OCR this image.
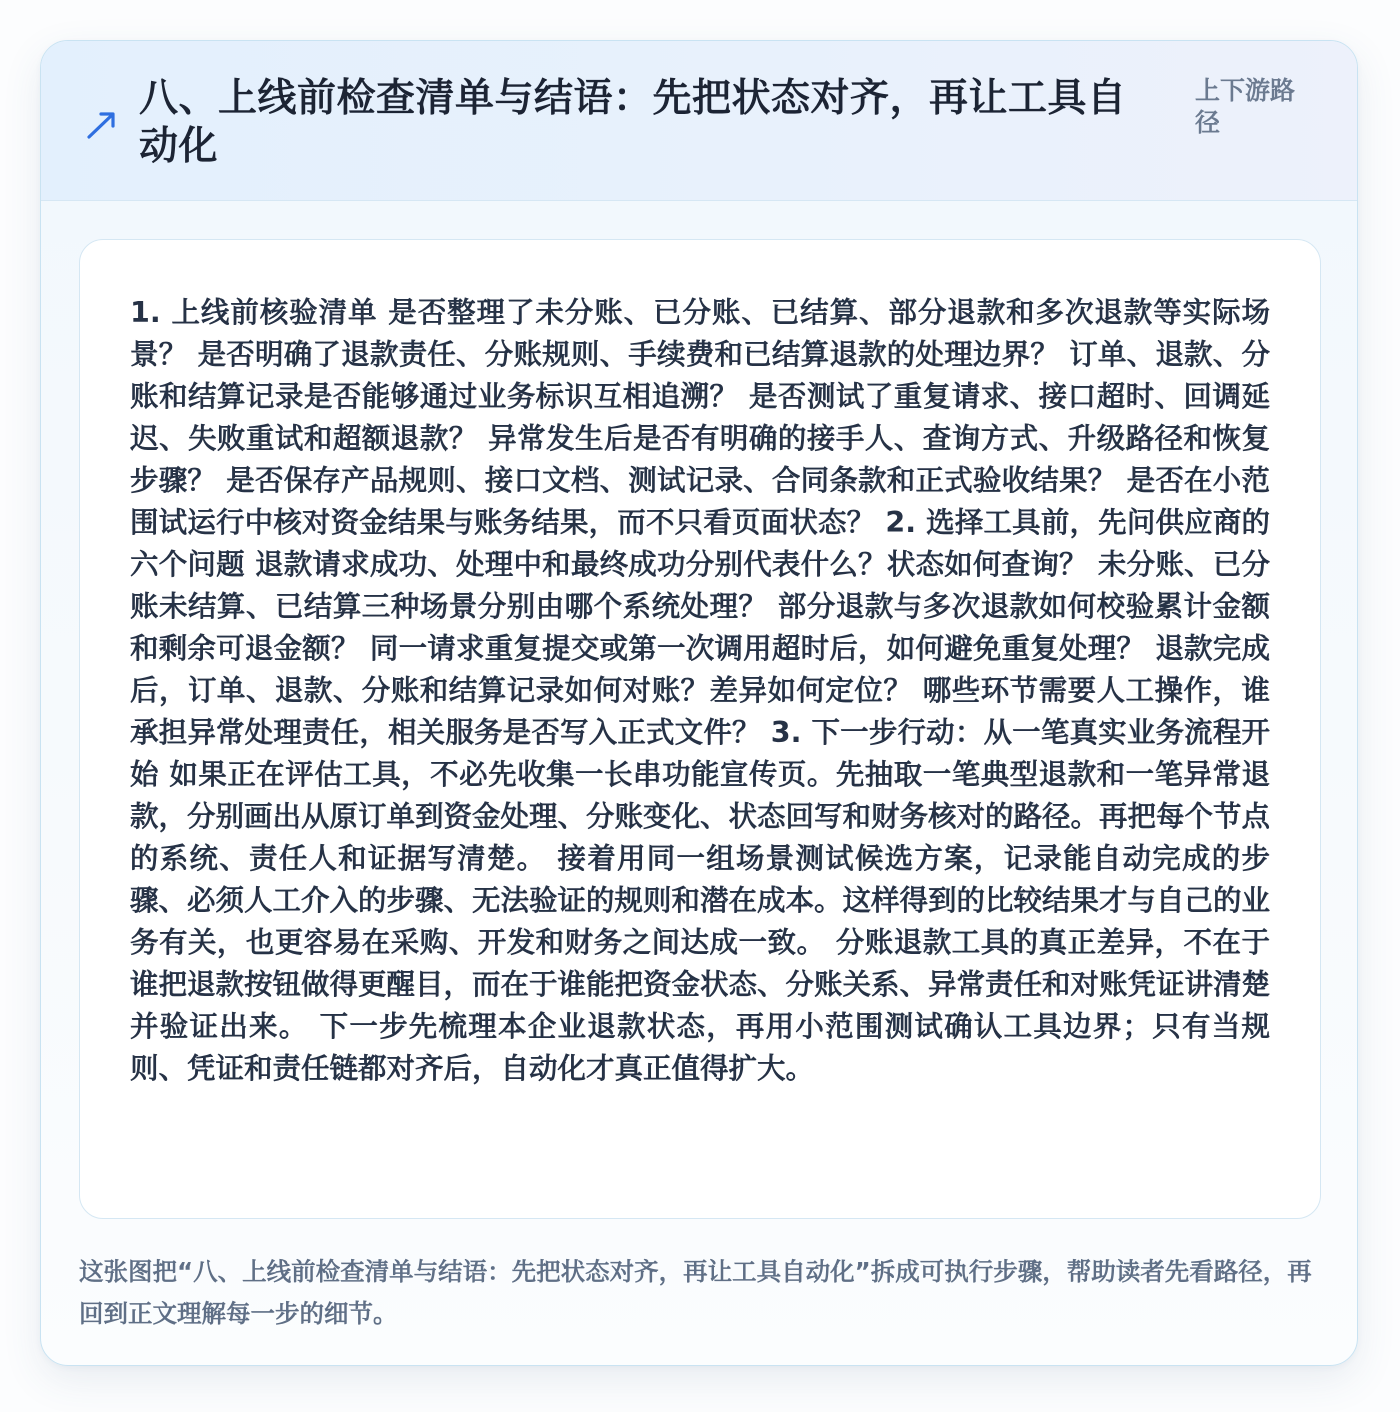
八、上线前检查清单与结语：先把状态对齐，再让工具自动化
上下游路径

1. 上线前核验清单 是否整理了未分账、已分账、已结算、部分退款和多次退款等实际场景？ 是否明确了退款责任、分账规则、手续费和已结算退款的处理边界？ 订单、退款、分账和结算记录是否能够通过业务标识互相追溯？ 是否测试了重复请求、接口超时、回调延迟、失败重试和超额退款？ 异常发生后是否有明确的接手人、查询方式、升级路径和恢复步骤？ 是否保存产品规则、接口文档、测试记录、合同条款和正式验收结果？ 是否在小范围试运行中核对资金结果与账务结果，而不只看页面状态？ 2. 选择工具前，先问供应商的六个问题 退款请求成功、处理中和最终成功分别代表什么？状态如何查询？ 未分账、已分账未结算、已结算三种场景分别由哪个系统处理？ 部分退款与多次退款如何校验累计金额和剩余可退金额？ 同一请求重复提交或第一次调用超时后，如何避免重复处理？ 退款完成后，订单、退款、分账和结算记录如何对账？差异如何定位？ 哪些环节需要人工操作，谁承担异常处理责任，相关服务是否写入正式文件？ 3. 下一步行动：从一笔真实业务流程开始 如果正在评估工具，不必先收集一长串功能宣传页。先抽取一笔典型退款和一笔异常退款，分别画出从原订单到资金处理、分账变化、状态回写和财务核对的路径。再把每个节点的系统、责任人和证据写清楚。 接着用同一组场景测试候选方案，记录能自动完成的步骤、必须人工介入的步骤、无法验证的规则和潜在成本。这样得到的比较结果才与自己的业务有关，也更容易在采购、开发和财务之间达成一致。 分账退款工具的真正差异，不在于谁把退款按钮做得更醒目，而在于谁能把资金状态、分账关系、异常责任和对账凭证讲清楚并验证出来。 下一步先梳理本企业退款状态，再用小范围测试确认工具边界；只有当规则、凭证和责任链都对齐后，自动化才真正值得扩大。

这张图把“八、上线前检查清单与结语：先把状态对齐，再让工具自动化”拆成可执行步骤，帮助读者先看路径，再回到正文理解每一步的细节。
